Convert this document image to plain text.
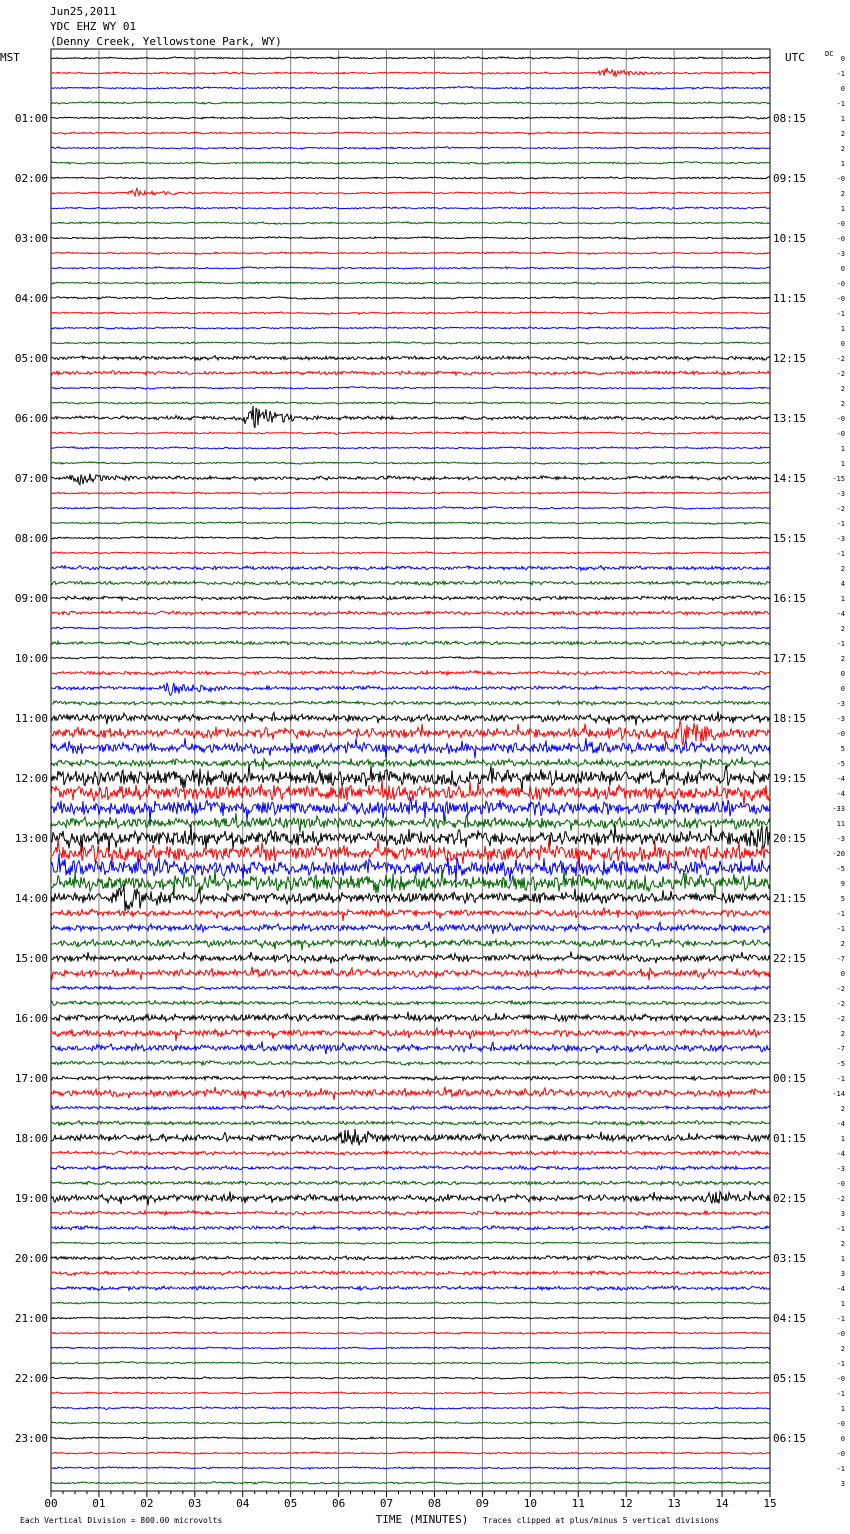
Jun25,2011
YDC EHZ WY 01
(Denny Creek, Yellowstone Park, WY)
0
-1
0
-1
1
2
2
1
-0
2
1
-0
-0
-3
0
-0
-0
-1
1
0
-2
-2
2
2
-0
-0
1
1
-15
-3
-2
-1
-3
-1
2
4
1
-4
2
-1
2
0
0
-3
-3
-0
5
-5
-4
-4
-33
11
-3
-20
-5
9
5
-1
-1
2
-7
0
-2
-2
-2
2
-7
-5
-1
-14
2
-4
1
-4
-3
-0
-2
3
-1
2
1
3
-4
1
-1
-0
2
-1
-0
-1
1
-0
0
-0
-1
3
01:00	08:15
02:00	09:15
03:00	10:15
04:00	11:15
05:00	12:15
06:00	13:15
07:00	14:15
08:00	15:15
09:00	16:15
10:00	17:15
11:00	18:15
12:00	19:15
13:00	20:15
14:00	21:15
15:00	22:15
16:00	23:15
17:00	00:15
18:00	01:15
19:00	02:15
20:00	03:15
21:00	04:15
22:00	05:15
23:00	06:15
MST	UTC	DC
00	01	02	03	04	05	06	07	08	09	10	11	12	13	14	15
TIME (MINUTES)
Each Vertical Division = 800.00 microvolts	Traces clipped at plus/minus 5 vertical divisions
